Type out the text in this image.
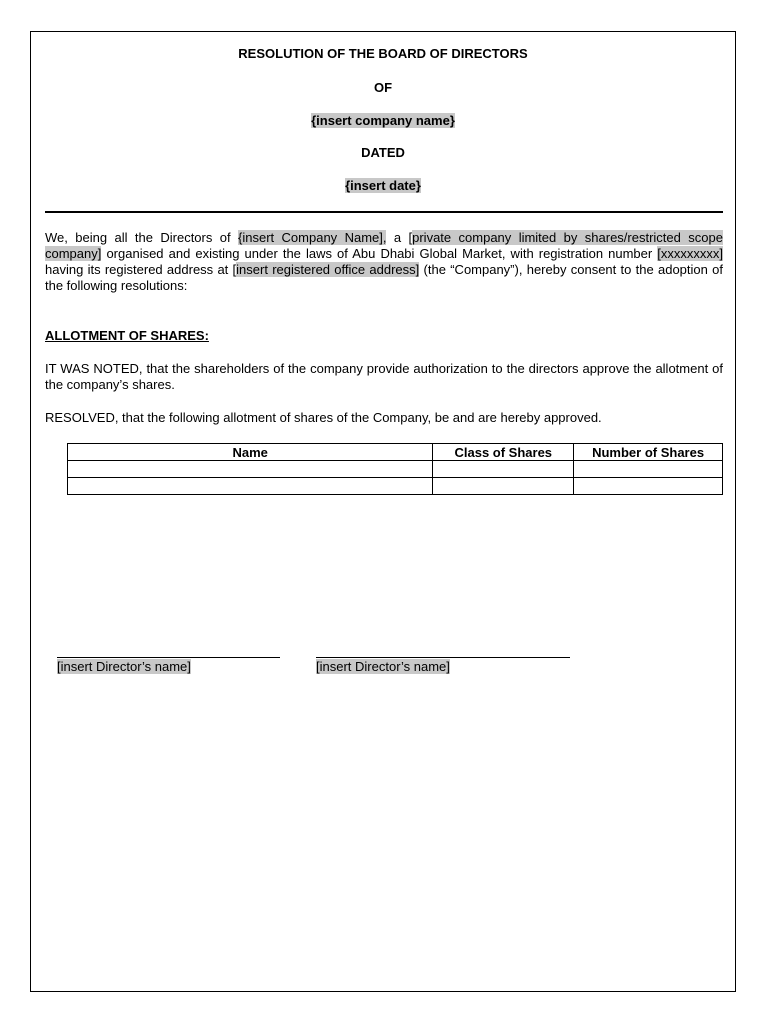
RESOLUTION OF THE BOARD OF DIRECTORS
OF
{insert company name}
DATED
{insert date}
We, being all the Directors of {insert Company Name], a [private company limited by shares/restricted scope company] organised and existing under the laws of Abu Dhabi Global Market, with registration number [xxxxxxxxx] having its registered address at [insert registered office address] (the “Company”), hereby consent to the adoption of the following resolutions:
ALLOTMENT OF SHARES:
IT WAS NOTED, that the shareholders of the company provide authorization to the directors approve the allotment of the company’s shares.
RESOLVED, that the following allotment of shares of the Company, be and are hereby approved.
Name	Class of Shares	Number of Shares

[insert Director’s name]	[insert Director’s name]
